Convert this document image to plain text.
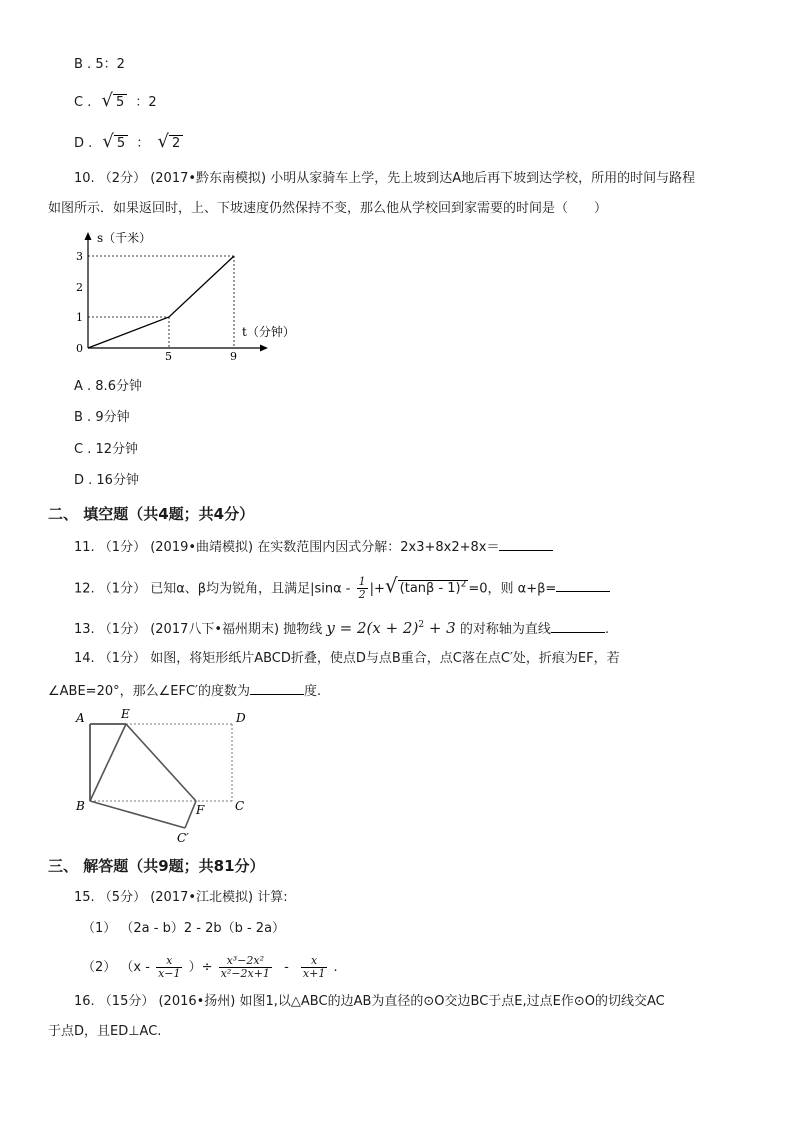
B . 5：2
C . √ 5 ：2
D . √ 5 ： √ 2
10. （2分） (2017•黔东南模拟) 小明从家骑车上学，先上坡到达A地后再下坡到达学校，所用的时间与路程
如图所示．如果返回时，上、下坡速度仍然保持不变，那么他从学校回到家需要的时间是（　　）
s（千米）
t（分钟）
3
2
1
0
5	9
A . 8.6分钟
B . 9分钟
C . 12分钟
D . 16分钟
二、 填空题（共4题；共4分）
11. （1分） (2019•曲靖模拟) 在实数范围内因式分解：2x3+8x2+8x＝
12. （1分） 已知α、β均为锐角，且满足$|\sin\alpha - \frac{1}{2}$ |+√ (tanβ - 1)$^2$ =0，则 α+β=
13. （1分） (2017八下•福州期末) 抛物线 $y = 2(x + 2)^2 + 3$ 的对称轴为直线	.
14. （1分） 如图，将矩形纸片ABCD折叠，使点D与点B重合，点C落在点C′处，折痕为EF，若
∠ABE=20°，那么∠EFC′的度数为	度.
A	E	D
B	F	C
C′
三、 解答题（共9题；共81分）
15. （5分） (2017•江北模拟) 计算:
（1） （2a - b）2 - 2b（b - 2a）
（2） （$x - \frac{x}{x-1}$ ）÷ $\frac{\text{x³−2x²}}{\text{x²−2x+1}} - \frac{x}{x+1}$ .
16. （15分） (2016•扬州) 如图1,以△ABC的边AB为直径的⊙O交边BC于点E,过点E作⊙O的切线交AC
于点D，且ED⊥AC.
